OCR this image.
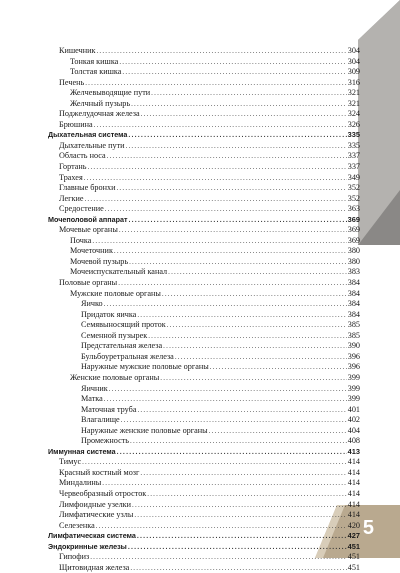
Кишечник .....	304
Тонкая кишка .....	304
Толстая кишка .....	309
Печень .....	316
Желчевыводящие пути .....	321
Желчный пузырь .....	321
Поджелудочная железа .....	324
Брюшина .....	326
Дыхательная система .....	335
Дыхательные пути .....	335
Область носа .....	337
Гортань .....	337
Трахея .....	349
Главные бронхи .....	352
Легкие .....	352
Средостение .....	363
Мочеполовой аппарат .....	369
Мочевые органы .....	369
Почка .....	369
Мочеточник .....	380
Мочевой пузырь .....	380
Мочеиспускательный канал .....	383
Половые органы .....	384
Мужские половые органы .....	384
Яичко .....	384
Придаток яичка .....	384
Семявыносящий проток .....	385
Семенной пузырек .....	385
Предстательная железа .....	390
Бульбоуретральная железа .....	396
Наружные мужские половые органы .....	396
Женские половые органы .....	399
Яичник .....	399
Матка .....	399
Маточная труба .....	401
Влагалище .....	402
Наружные женские половые органы .....	404
Промежность .....	408
Иммунная система .....	413
Тимус .....	414
Красный костный мозг .....	414
Миндалины .....	414
Червеобразный отросток .....	414
Лимфоидные узелки .....	414
Лимфатические узлы .....	414
Селезенка .....	420
Лимфатическая система .....	427
Эндокринные железы .....	451
Гипофиз .....	451
Щитовидная железа .....	451
5
